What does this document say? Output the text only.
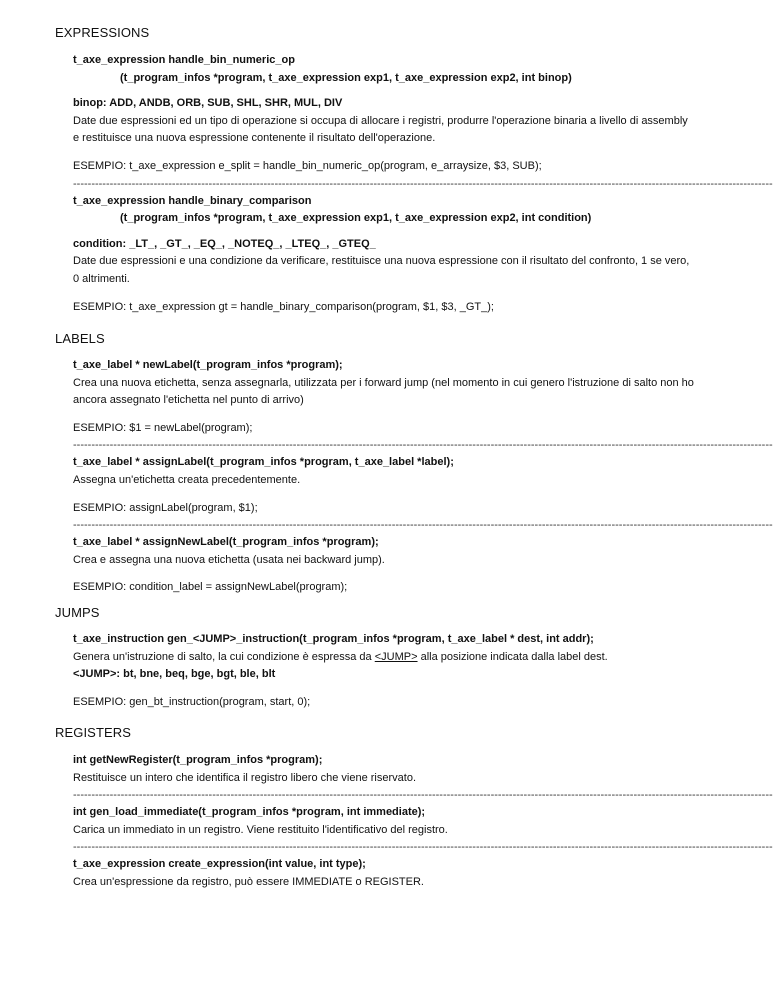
EXPRESSIONS
t_axe_expression handle_bin_numeric_op
(t_program_infos *program, t_axe_expression exp1, t_axe_expression exp2, int binop)
binop: ADD, ANDB, ORB, SUB, SHL, SHR, MUL, DIV
Date due espressioni ed un tipo di operazione si occupa di allocare i registri, produrre l'operazione binaria a livello di assembly e restituisce una nuova espressione contenente il risultato dell'operazione.
ESEMPIO: t_axe_expression e_split = handle_bin_numeric_op(program, e_arraysize, $3, SUB);
-----------------------------------------------------------------------------------------------------------------------------------------------------------------------------------------------
t_axe_expression handle_binary_comparison
(t_program_infos *program, t_axe_expression exp1, t_axe_expression exp2, int condition)
condition: _LT_, _GT_, _EQ_, _NOTEQ_, _LTEQ_, _GTEQ_
Date due espressioni e una condizione da verificare, restituisce una nuova espressione con il risultato del confronto, 1 se vero, 0 altrimenti.
ESEMPIO: t_axe_expression gt = handle_binary_comparison(program, $1, $3, _GT_);
LABELS
t_axe_label * newLabel(t_program_infos *program);
Crea una nuova etichetta, senza assegnarla, utilizzata per i forward jump (nel momento in cui genero l'istruzione di salto non ho ancora assegnato l'etichetta nel punto di arrivo)
ESEMPIO: $1 = newLabel(program);
-----------------------------------------------------------------------------------------------------------------------------------------------------------------------------------------------
t_axe_label * assignLabel(t_program_infos *program, t_axe_label *label);
Assegna un'etichetta creata precedentemente.
ESEMPIO: assignLabel(program, $1);
-----------------------------------------------------------------------------------------------------------------------------------------------------------------------------------------------
t_axe_label * assignNewLabel(t_program_infos *program);
Crea e assegna una nuova etichetta (usata nei backward jump).
ESEMPIO: condition_label = assignNewLabel(program);
JUMPS
t_axe_instruction gen_<JUMP>_instruction(t_program_infos *program, t_axe_label * dest, int addr);
Genera un'istruzione di salto, la cui condizione è espressa da <JUMP> alla posizione indicata dalla label dest.
<JUMP>: bt, bne, beq, bge, bgt, ble, blt
ESEMPIO: gen_bt_instruction(program, start, 0);
REGISTERS
int getNewRegister(t_program_infos *program);
Restituisce un intero che identifica il registro libero che viene riservato.
-----------------------------------------------------------------------------------------------------------------------------------------------------------------------------------------------
int gen_load_immediate(t_program_infos *program, int immediate);
Carica un immediato in un registro. Viene restituito l'identificativo del registro.
-----------------------------------------------------------------------------------------------------------------------------------------------------------------------------------------------
t_axe_expression create_expression(int value, int type);
Crea un'espressione da registro, può essere IMMEDIATE o REGISTER.
